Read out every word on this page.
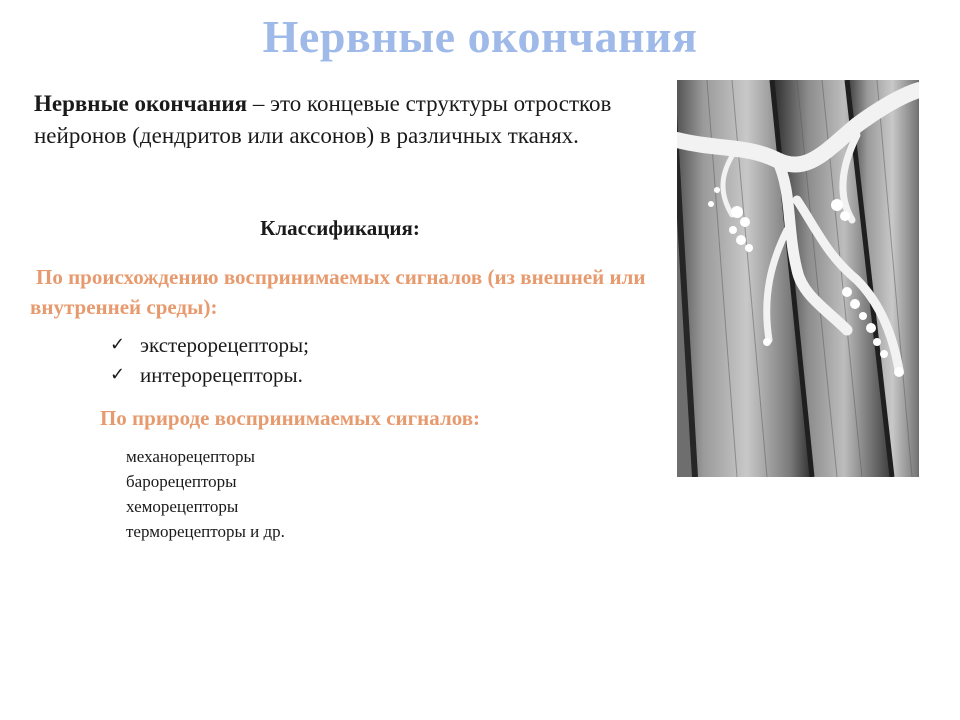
Нервные окончания
Нервные окончания – это концевые структуры отростков нейронов (дендритов или аксонов) в различных тканях.
Классификация:
По происхождению воспринимаемых сигналов (из внешней или внутренней среды):
✓ экстерорецепторы;
✓ интерорецепторы.
По природе воспринимаемых сигналов:
механорецепторы
барорецепторы
хеморецепторы
терморецепторы и др.
